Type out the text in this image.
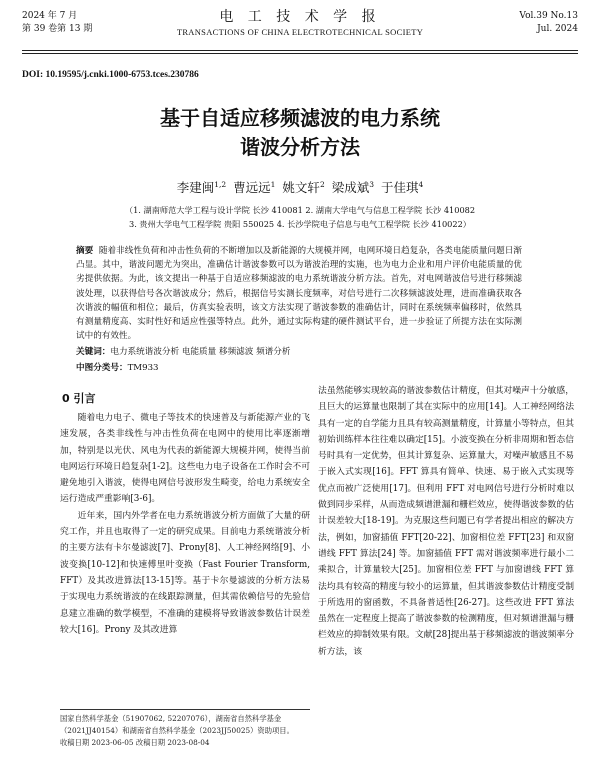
2024 年 7 月
第 39 卷第 13 期
电 工 技 术 学 报
TRANSACTIONS OF CHINA ELECTROTECHNICAL SOCIETY
Vol.39 No.13
Jul. 2024
DOI: 10.19595/j.cnki.1000-6753.tces.230786
基于自适应移频滤波的电力系统
谐波分析方法
李建闽$^{1,2}$ 曹远远$^1$ 姚文轩$^2$ 梁成斌$^3$ 于佳琪$^4$
（1. 湖南师范大学工程与设计学院 长沙 410081 2. 湖南大学电气与信息工程学院 长沙 410082
3. 贵州大学电气工程学院 贵阳 550025 4. 长沙学院电子信息与电气工程学院 长沙 410022）
摘要 随着非线性负荷和冲击性负荷的不断增加以及新能源的大规模并网，电网环境日趋复杂，各类电能质量问题日渐凸显。其中，谐波问题尤为突出，准确估计谐波参数可以为谐波治理的实施，也为电力企业和用户评价电能质量的优劣提供依据。为此，该文提出一种基于自适应移频滤波的电力系统谐波分析方法。首先，对电网谐波信号进行移频滤波处理，以获得信号各次谐波成分；然后，根据信号实测长度频率，对信号进行二次移频滤波处理，进而准确获取各次谐波的幅值和相位；最后，仿真实验表明，该文方法实现了谐波参数的准确估计，同时在系统频率偏移时，依然具有测量精度高、实时性好和适应性强等特点。此外，通过实际构建的硬件测试平台，进一步验证了所提方法在实际测试中的有效性。
关键词：电力系统谐波分析 电能质量 移频滤波 频谱分析
中图分类号：TM933
0 引言

随着电力电子、微电子等技术的快速普及与新能源产业的飞速发展，各类非线性与冲击性负荷在电网中的使用比率逐渐增加，特别是以光伏、风电为代表的新能源大规模并网，使得当前电网运行环境日趋复杂[1-2]。这些电力电子设备在工作时会不可避免地引入谐波，使得电网信号波形发生畸变，给电力系统安全运行造成严重影响[3-6]。

近年来，国内外学者在电力系统谐波分析方面做了大量的研究工作，并且也取得了一定的研究成果。目前电力系统谐波分析的主要方法有卡尔曼滤波[7]、Prony[8]、人工神经网络[9]、小波变换[10-12]和快速傅里叶变换（Fast Fourier Transform, FFT）及其改进算法[13-15]等。基于卡尔曼滤波的分析方法易于实现电力系统谐波的在线跟踪测量，但其需依赖信号的先验信息建立准确的数学模型，不准确的建模将导致谐波参数估计误差较大[16]。Prony 及其改进算

法虽然能够实现较高的谐波参数估计精度，但其对噪声十分敏感，且巨大的运算量也限制了其在实际中的应用[14]。人工神经网络法具有一定的自学能力且具有较高测量精度，计算量小等特点，但其初始训练样本往往难以确定[15]。小波变换在分析非周期和暂态信号时具有一定优势，但其计算复杂、运算量大，对噪声敏感且不易于嵌入式实现[16]。FFT 算具有简单、快速、易于嵌入式实现等优点而被广泛使用[17]。但利用 FFT 对电网信号进行分析时难以做到同步采样，从而造成频谱泄漏和栅栏效应，使得谐波参数的估计误差较大[18-19]。为克服这些问题已有学者提出相应的解决方法，例如，加窗插值 FFT[20-22]、加窗相位差 FFT[23] 和双窗谱线 FFT 算法[24] 等。加窗插值 FFT 需对谐波频率进行最小二乘拟合，计算量较大[25]。加窗相位差 FFT 与加窗谱线 FFT 算法均具有较高的精度与较小的运算量，但其谐波参数估计精度受制于所选用的窗函数，不具备普适性[26-27]。这些改进 FFT 算法虽然在一定程度上提高了谐波参数的检测精度，但对频谱泄漏与栅栏效应的抑制效果有限。文献[28]提出基于移频滤波的谐波频率分析方法，该

国家自然科学基金（51907062, 52207076），湖南省自然科学基金（2021JJ40154）和湖南省自然科学基金（2023JJ50025）资助项目。
收稿日期 2023-06-05 改稿日期 2023-08-04
